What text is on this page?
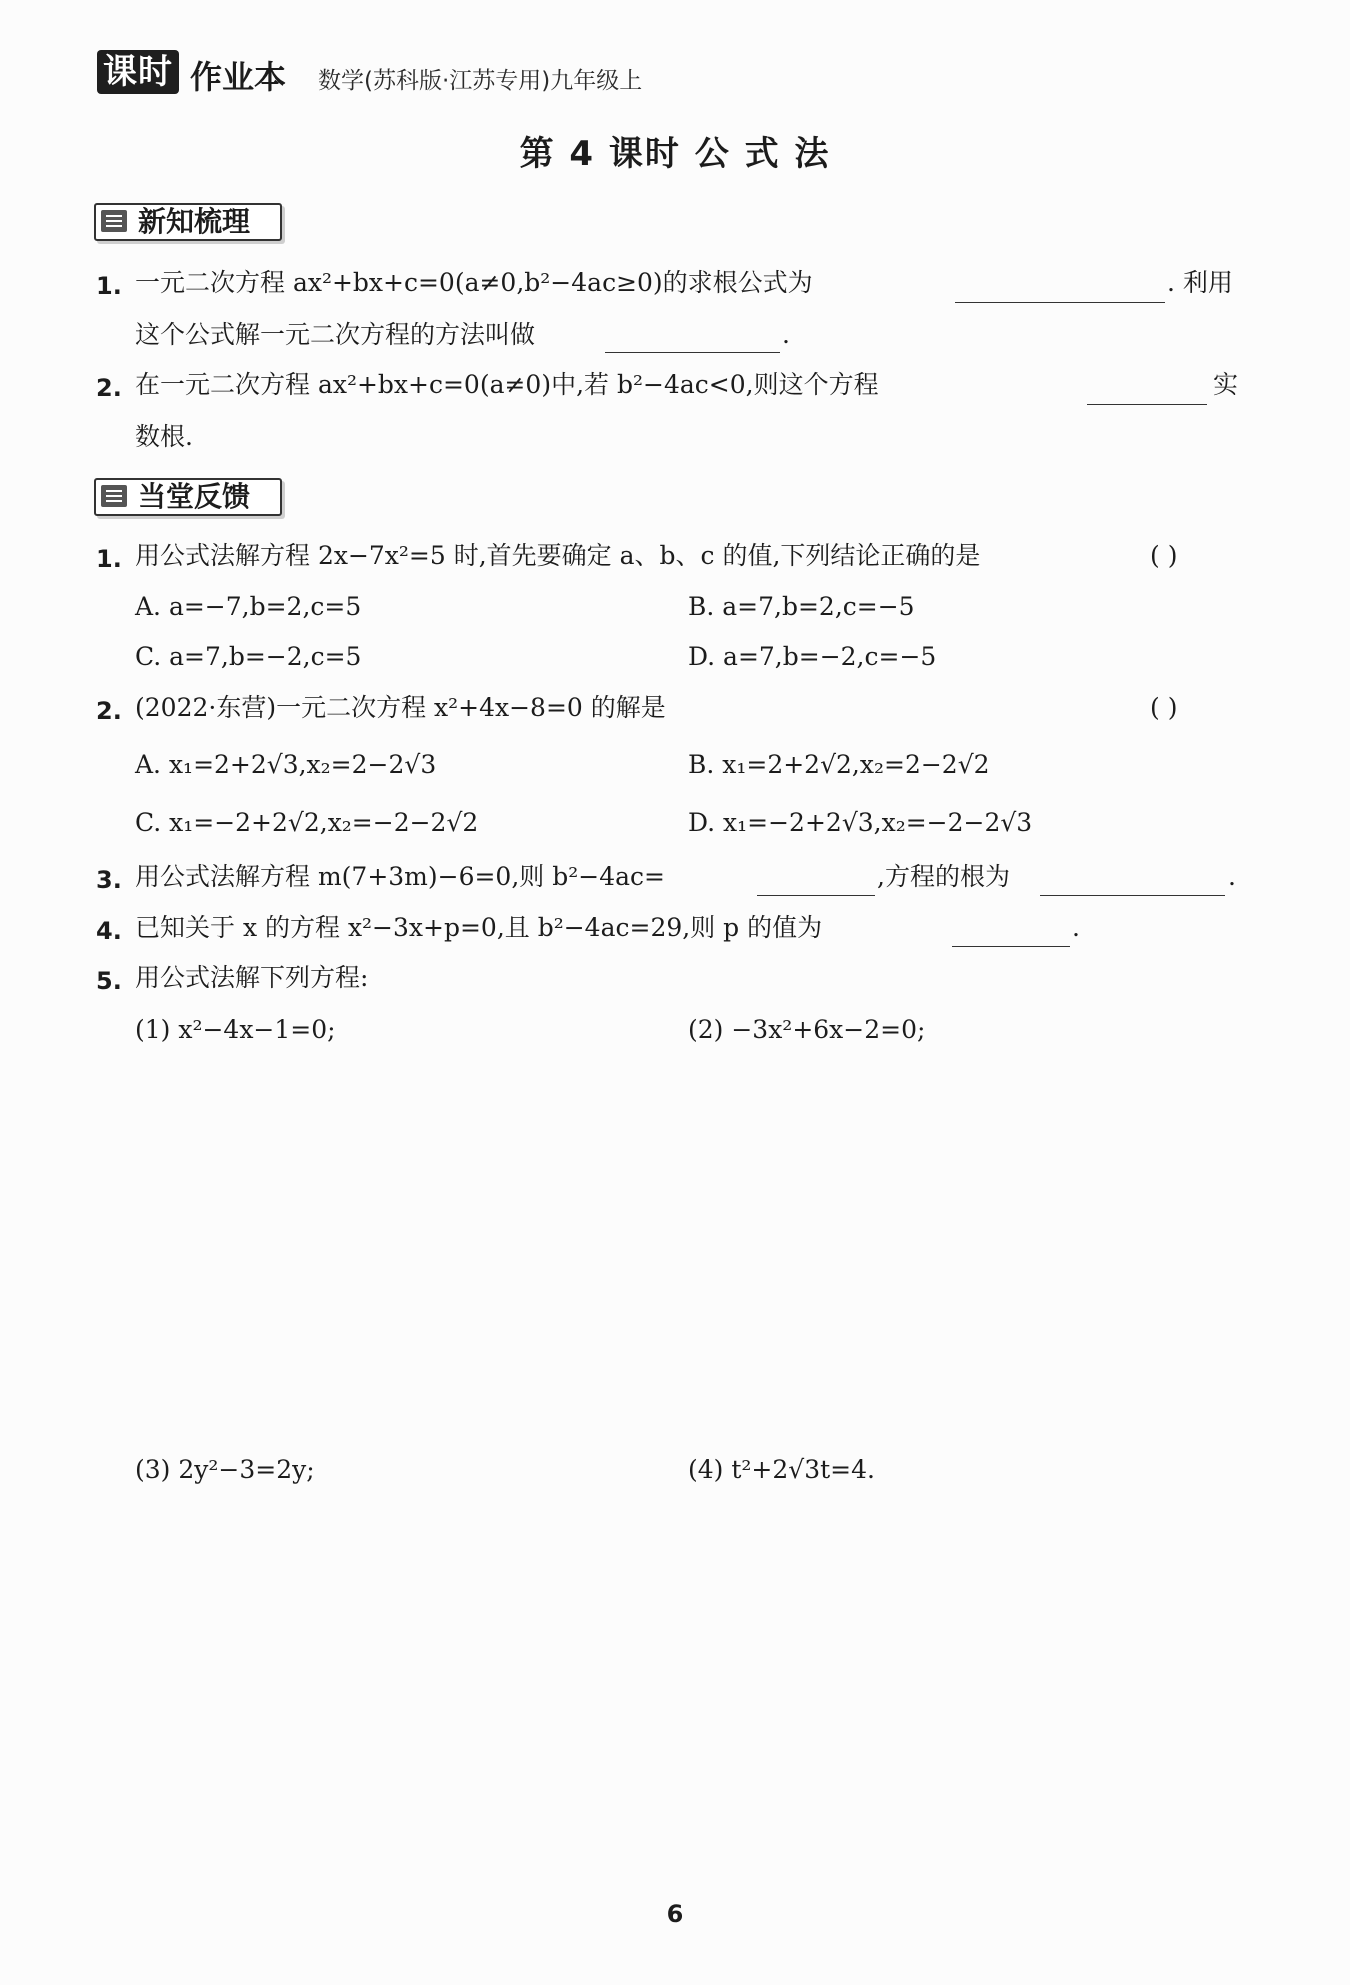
课时 作业本 数学(苏科版·江苏专用)九年级上
第 4 课时 公 式 法
新知梳理
1. 一元二次方程 ax²+bx+c=0(a≠0,b²−4ac≥0)的求根公式为	. 利用
这个公式解一元二次方程的方法叫做	.
2. 在一元二次方程 ax²+bx+c=0(a≠0)中,若 b²−4ac<0,则这个方程	实
数根.
当堂反馈
1. 用公式法解方程 2x−7x²=5 时,首先要确定 a、b、c 的值,下列结论正确的是	( )
A. a=−7,b=2,c=5	B. a=7,b=2,c=−5
C. a=7,b=−2,c=5	D. a=7,b=−2,c=−5
2. (2022·东营)一元二次方程 x²+4x−8=0 的解是	( )
A. x₁=2+2√3,x₂=2−2√3	B. x₁=2+2√2,x₂=2−2√2
C. x₁=−2+2√2,x₂=−2−2√2	D. x₁=−2+2√3,x₂=−2−2√3
3. 用公式法解方程 m(7+3m)−6=0,则 b²−4ac=	,方程的根为	.
4. 已知关于 x 的方程 x²−3x+p=0,且 b²−4ac=29,则 p 的值为	.
5. 用公式法解下列方程:
(1) x²−4x−1=0;	(2) −3x²+6x−2=0;
(3) 2y²−3=2y;	(4) t²+2√3t=4.
6
